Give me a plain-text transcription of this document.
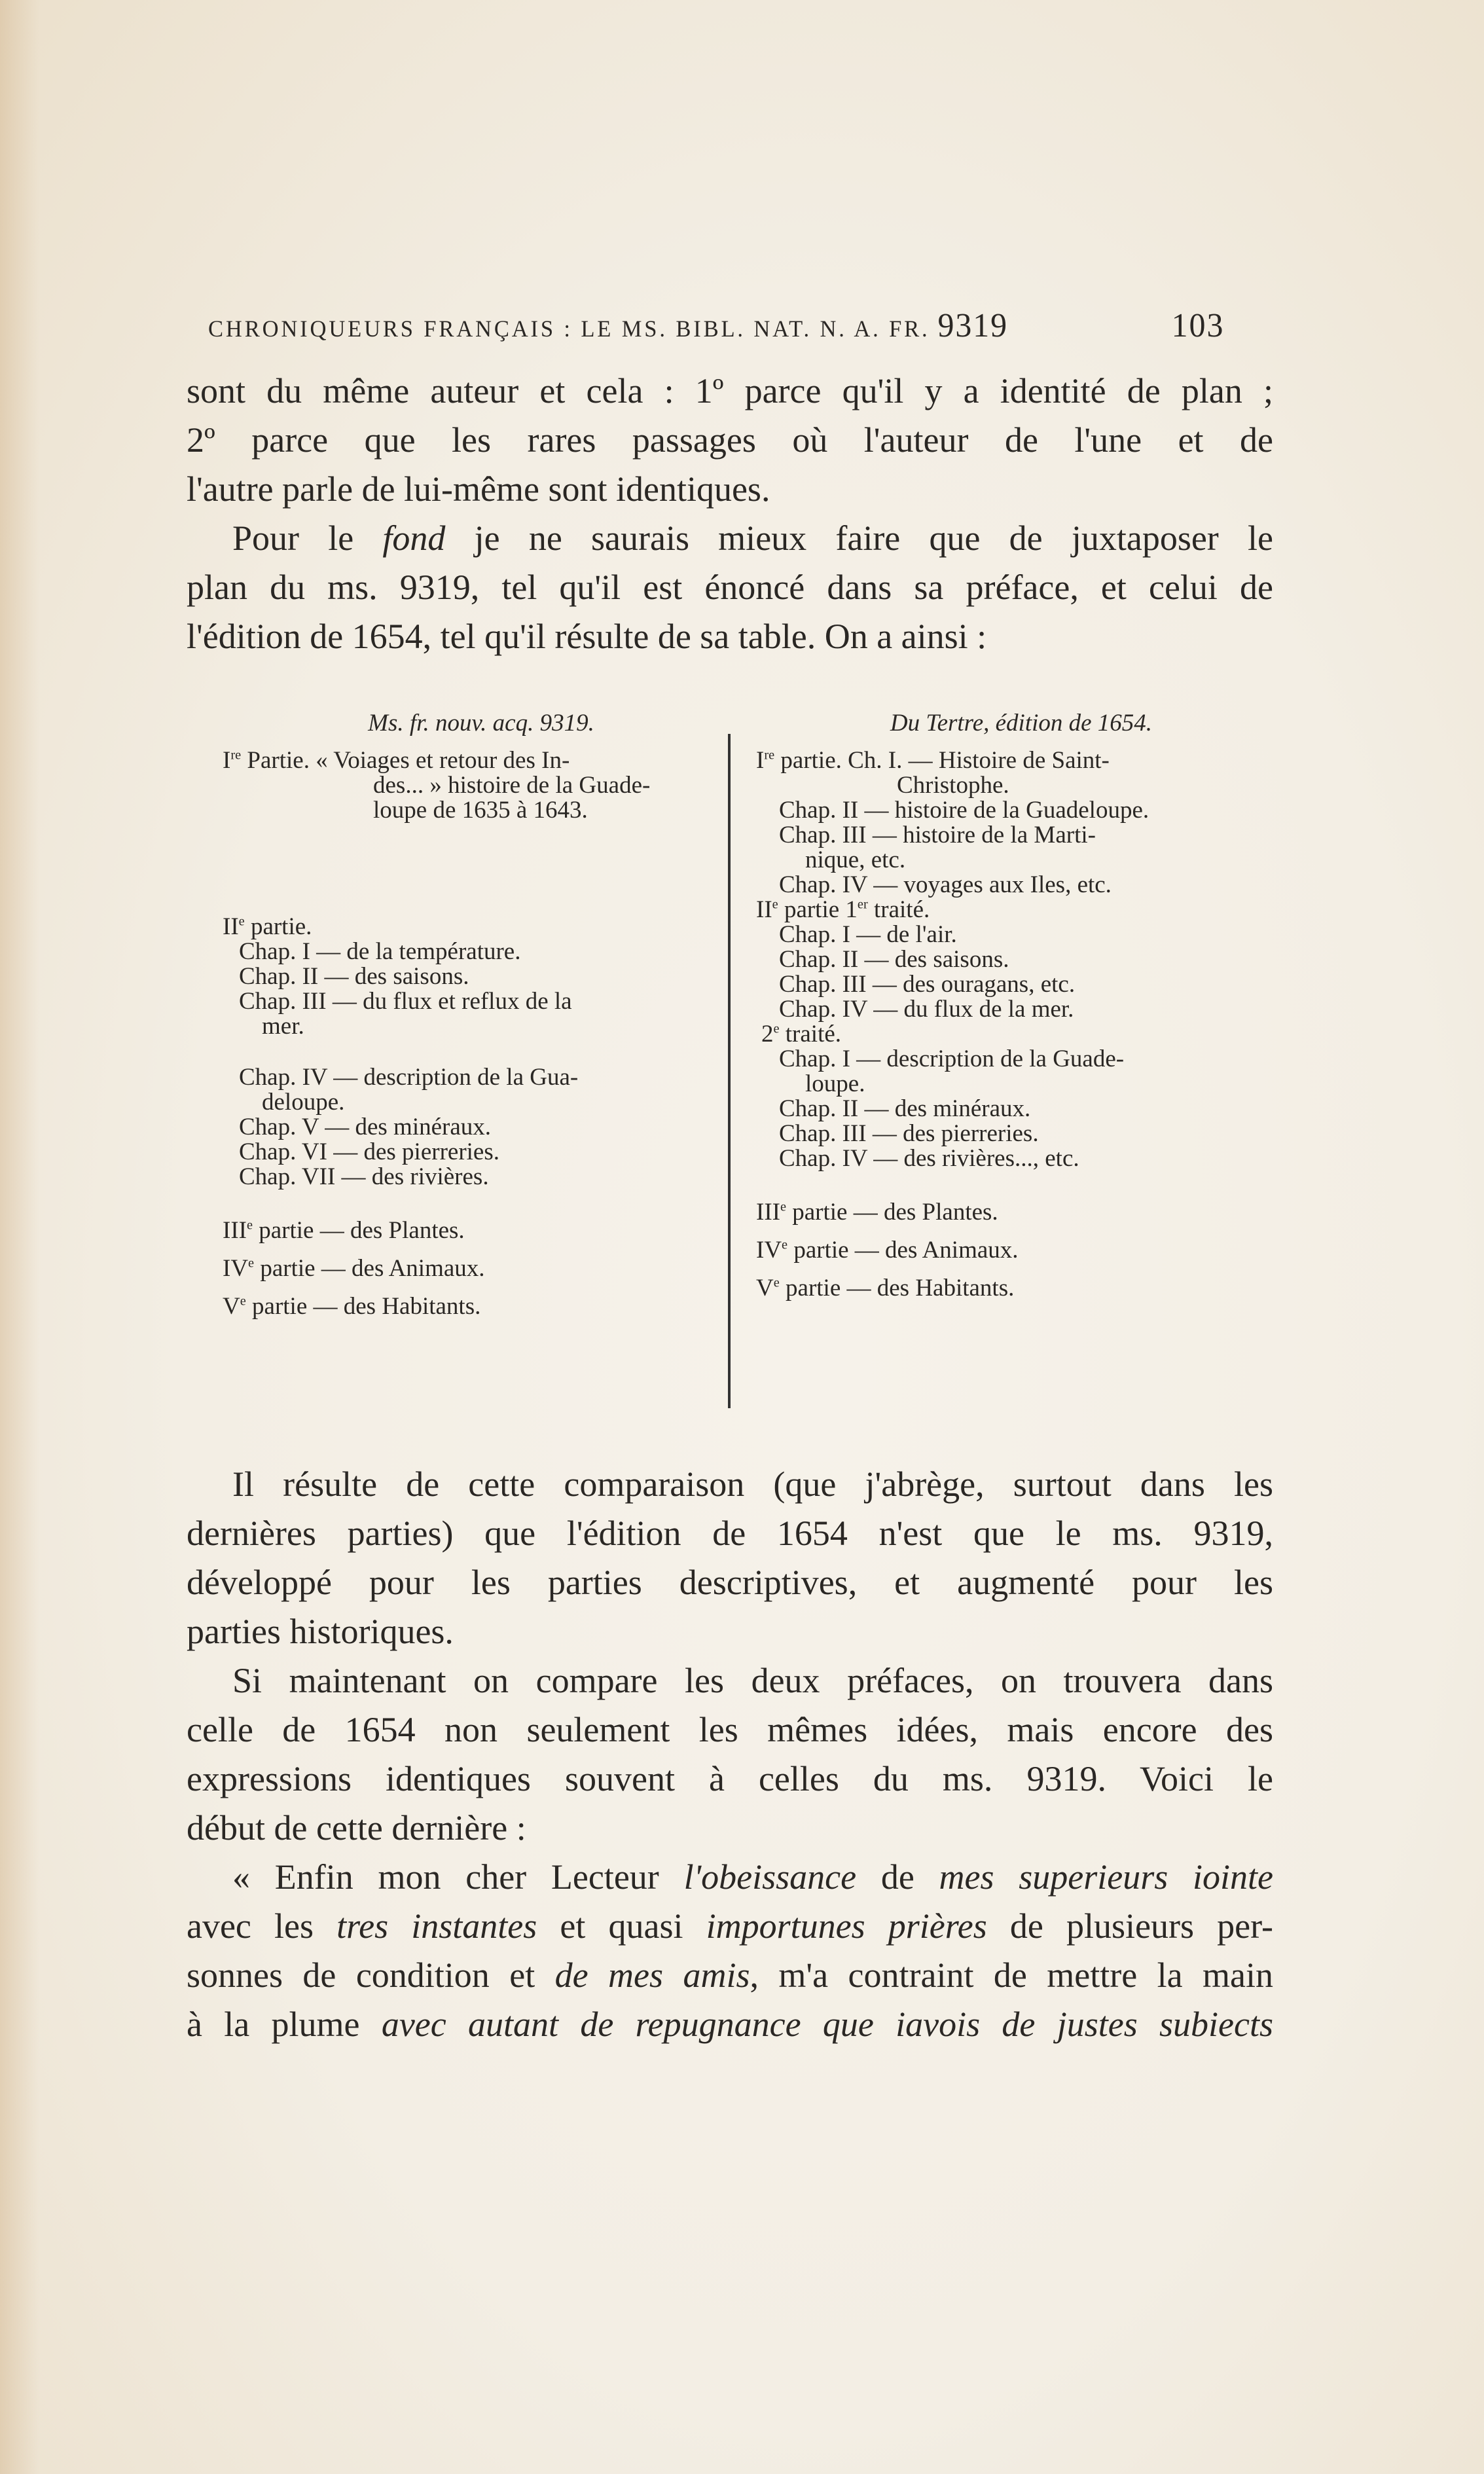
CHRONIQUEURS FRANÇAIS : LE MS. BIBL. NAT. N. A. FR. 9319	103
sont du même auteur et cela : 1º parce qu'il y a identité de plan ;
2º parce que les rares passages où l'auteur de l'une et de
l'autre parle de lui-même sont identiques.
Pour le fond je ne saurais mieux faire que de juxtaposer le
plan du ms. 9319, tel qu'il est énoncé dans sa préface, et celui de
l'édition de 1654, tel qu'il résulte de sa table. On a ainsi :
Ms. fr. nouv. acq. 9319.
Ire Partie. « Voiages et retour des In-
des... » histoire de la Guade-
loupe de 1635 à 1643.
IIe partie.
Chap. I — de la température.
Chap. II — des saisons.
Chap. III — du flux et reflux de la
mer.
Chap. IV — description de la Gua-
deloupe.
Chap. V — des minéraux.
Chap. VI — des pierreries.
Chap. VII — des rivières.
IIIe partie — des Plantes.
IVe partie — des Animaux.
Ve partie — des Habitants.
Du Tertre, édition de 1654.
Ire partie. Ch. I. — Histoire de Saint-
Christophe.
Chap. II — histoire de la Guadeloupe.
Chap. III — histoire de la Marti-
nique, etc.
Chap. IV — voyages aux Iles, etc.
IIe partie 1er traité.
Chap. I — de l'air.
Chap. II — des saisons.
Chap. III — des ouragans, etc.
Chap. IV — du flux de la mer.
2e traité.
Chap. I — description de la Guade-
loupe.
Chap. II — des minéraux.
Chap. III — des pierreries.
Chap. IV — des rivières..., etc.
IIIe partie — des Plantes.
IVe partie — des Animaux.
Ve partie — des Habitants.
Il résulte de cette comparaison (que j'abrège, surtout dans les
dernières parties) que l'édition de 1654 n'est que le ms. 9319,
développé pour les parties descriptives, et augmenté pour les
parties historiques.
Si maintenant on compare les deux préfaces, on trouvera dans
celle de 1654 non seulement les mêmes idées, mais encore des
expressions identiques souvent à celles du ms. 9319. Voici le
début de cette dernière :
« Enfin mon cher Lecteur l'obeissance de mes superieurs iointe
avec les tres instantes et quasi importunes prières de plusieurs per-
sonnes de condition et de mes amis, m'a contraint de mettre la main
à la plume avec autant de repugnance que iavois de justes subiects
